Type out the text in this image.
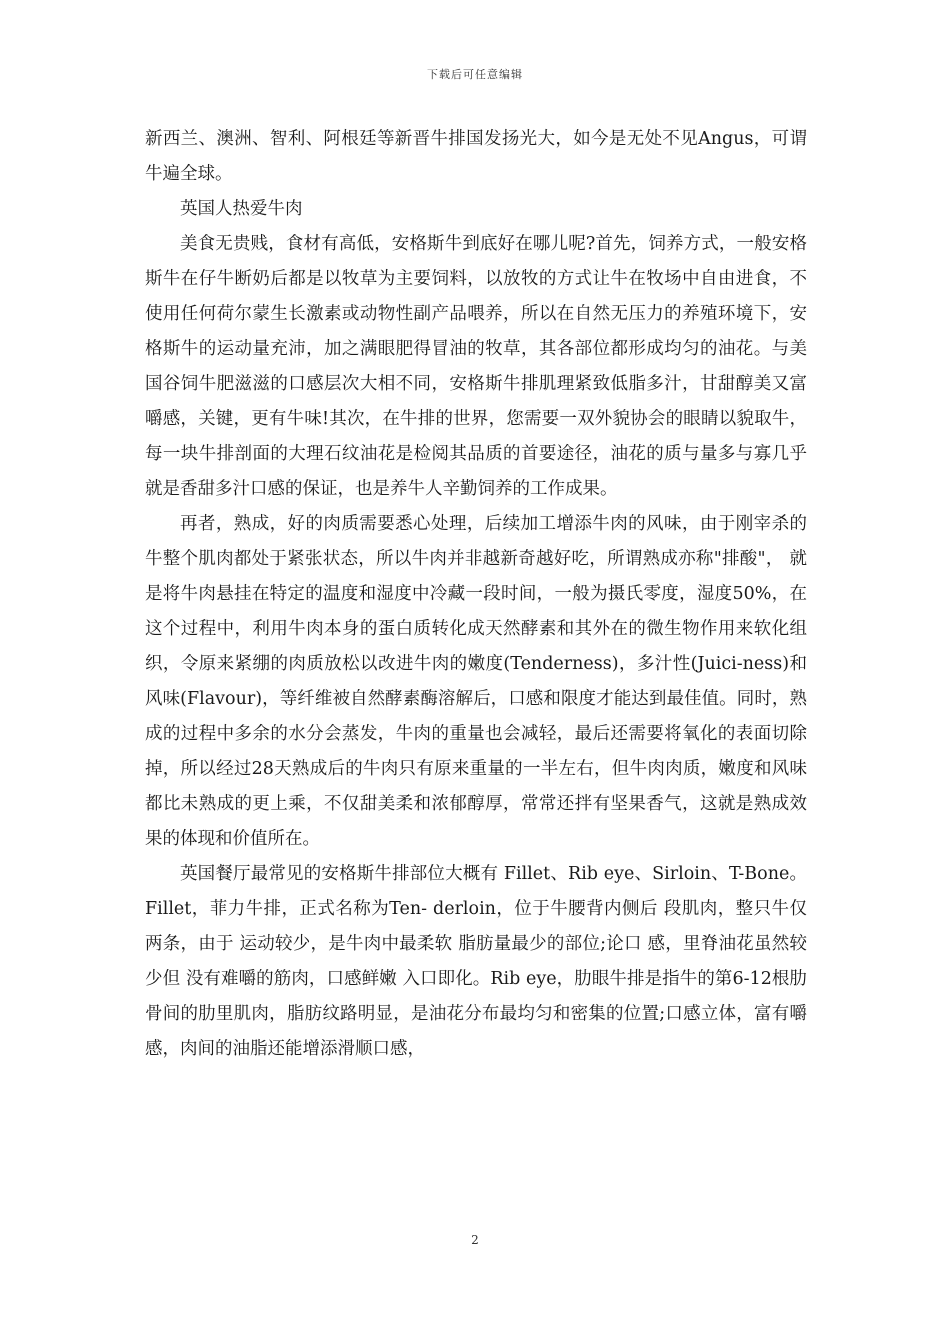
下载后可任意编辑

新西兰、澳洲、智利、阿根廷等新晋牛排国发扬光大，如今是无处不见Angus，可谓牛遍全球。

英国人热爱牛肉

美食无贵贱，食材有高低，安格斯牛到底好在哪儿呢?首先，饲养方式，一般安格斯牛在仔牛断奶后都是以牧草为主要饲料，以放牧的方式让牛在牧场中自由进食，不使用任何荷尔蒙生长激素或动物性副产品喂养，所以在自然无压力的养殖环境下，安格斯牛的运动量充沛，加之满眼肥得冒油的牧草，其各部位都形成均匀的油花。与美国谷饲牛肥滋滋的口感层次大相不同，安格斯牛排肌理紧致低脂多汁，甘甜醇美又富嚼感，关键，更有牛味!其次，在牛排的世界，您需要一双外貌协会的眼睛以貌取牛，每一块牛排剖面的大理石纹油花是检阅其品质的首要途径，油花的质与量多与寡几乎就是香甜多汁口感的保证，也是养牛人辛勤饲养的工作成果。

再者，熟成，好的肉质需要悉心处理，后续加工增添牛肉的风味，由于刚宰杀的牛整个肌肉都处于紧张状态，所以牛肉并非越新奇越好吃，所谓熟成亦称"排酸"， 就是将牛肉悬挂在特定的温度和湿度中冷藏一段时间，一般为摄氏零度，湿度50%，在这个过程中，利用牛肉本身的蛋白质转化成天然酵素和其外在的微生物作用来软化组织，令原来紧绷的肉质放松以改进牛肉的嫩度(Tenderness)，多汁性(Juici-ness)和风味(Flavour)，等纤维被自然酵素酶溶解后，口感和限度才能达到最佳值。同时，熟成的过程中多余的水分会蒸发，牛肉的重量也会减轻，最后还需要将氧化的表面切除掉，所以经过28天熟成后的牛肉只有原来重量的一半左右，但牛肉肉质，嫩度和风味都比未熟成的更上乘，不仅甜美柔和浓郁醇厚，常常还拌有坚果香气，这就是熟成效果的体现和价值所在。

英国餐厅最常见的安格斯牛排部位大概有 Fillet、Rib eye、Sirloin、T-Bone。Fillet，菲力牛排，正式名称为Ten- derloin，位于牛腰背内侧后 段肌肉，整只牛仅两条，由于 运动较少，是牛肉中最柔软 脂肪量最少的部位;论口 感，里脊油花虽然较少但 没有难嚼的筋肉，口感鲜嫩 入口即化。Rib eye，肋眼牛排是指牛的第6-12根肋骨间的肋里肌肉，脂肪纹路明显，是油花分布最均匀和密集的位置;口感立体，富有嚼感，肉间的油脂还能增添滑顺口感，

2
